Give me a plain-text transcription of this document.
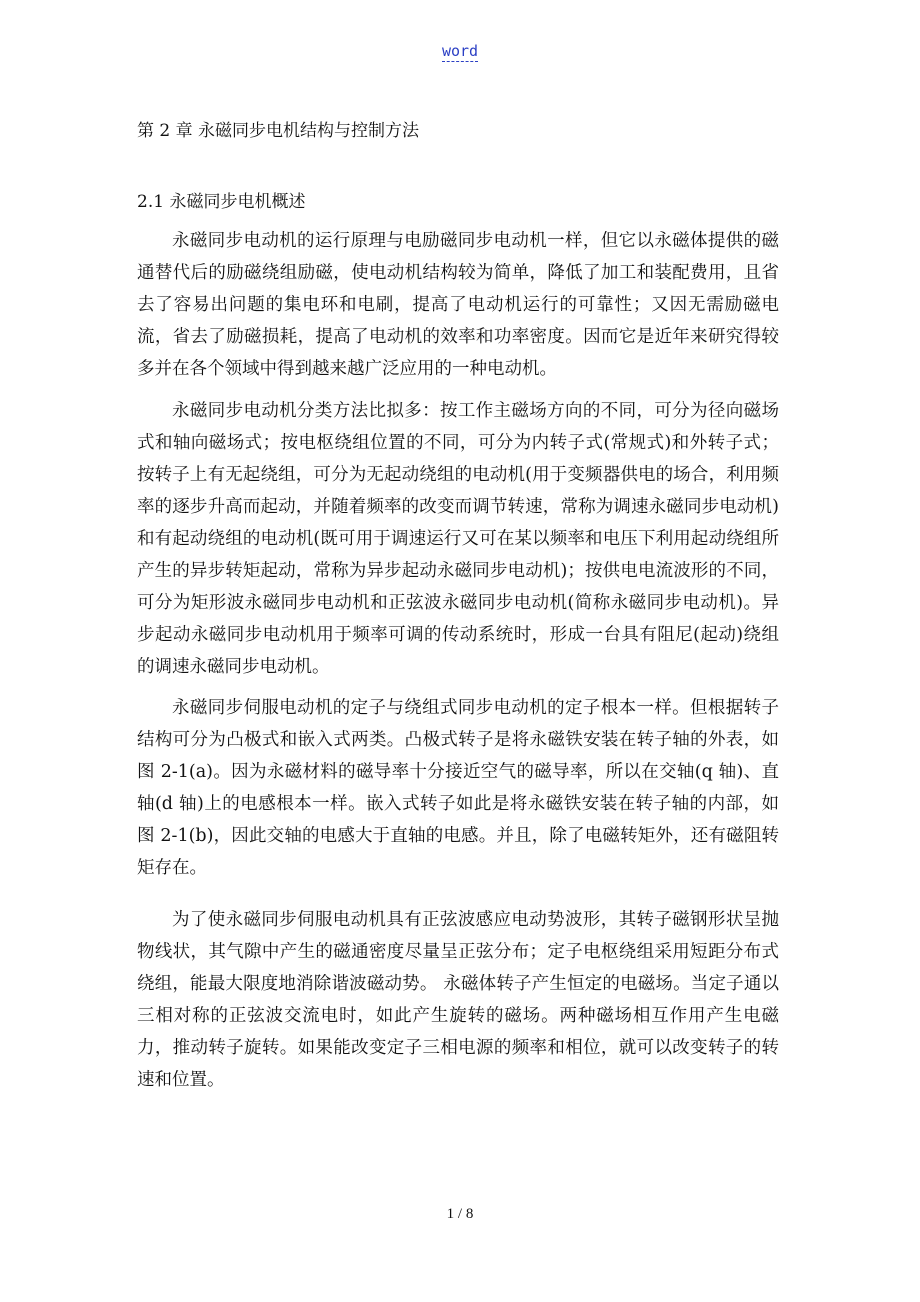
word
第 2 章 永磁同步电机结构与控制方法
2.1 永磁同步电机概述

永磁同步电动机的运行原理与电励磁同步电动机一样，但它以永磁体提供的磁通替代后的励磁绕组励磁，使电动机结构较为简单，降低了加工和装配费用，且省去了容易出问题的集电环和电刷，提高了电动机运行的可靠性；又因无需励磁电流，省去了励磁损耗，提高了电动机的效率和功率密度。因而它是近年来研究得较多并在各个领域中得到越来越广泛应用的一种电动机。

永磁同步电动机分类方法比拟多：按工作主磁场方向的不同，可分为径向磁场式和轴向磁场式；按电枢绕组位置的不同，可分为内转子式(常规式)和外转子式；按转子上有无起绕组，可分为无起动绕组的电动机(用于变频器供电的场合，利用频率的逐步升高而起动，并随着频率的改变而调节转速，常称为调速永磁同步电动机)和有起动绕组的电动机(既可用于调速运行又可在某以频率和电压下利用起动绕组所产生的异步转矩起动，常称为异步起动永磁同步电动机)；按供电电流波形的不同，可分为矩形波永磁同步电动机和正弦波永磁同步电动机(简称永磁同步电动机)。异步起动永磁同步电动机用于频率可调的传动系统时，形成一台具有阻尼(起动)绕组的调速永磁同步电动机。

永磁同步伺服电动机的定子与绕组式同步电动机的定子根本一样。但根据转子结构可分为凸极式和嵌入式两类。凸极式转子是将永磁铁安装在转子轴的外表，如图 2-1(a)。因为永磁材料的磁导率十分接近空气的磁导率，所以在交轴(q 轴)、直轴(d 轴)上的电感根本一样。嵌入式转子如此是将永磁铁安装在转子轴的内部，如图 2-1(b)，因此交轴的电感大于直轴的电感。并且，除了电磁转矩外，还有磁阻转矩存在。

为了使永磁同步伺服电动机具有正弦波感应电动势波形，其转子磁钢形状呈抛物线状，其气隙中产生的磁通密度尽量呈正弦分布；定子电枢绕组采用短距分布式绕组，能最大限度地消除谐波磁动势。 永磁体转子产生恒定的电磁场。当定子通以三相对称的正弦波交流电时，如此产生旋转的磁场。两种磁场相互作用产生电磁力，推动转子旋转。如果能改变定子三相电源的频率和相位，就可以改变转子的转速和位置。

1 / 8
